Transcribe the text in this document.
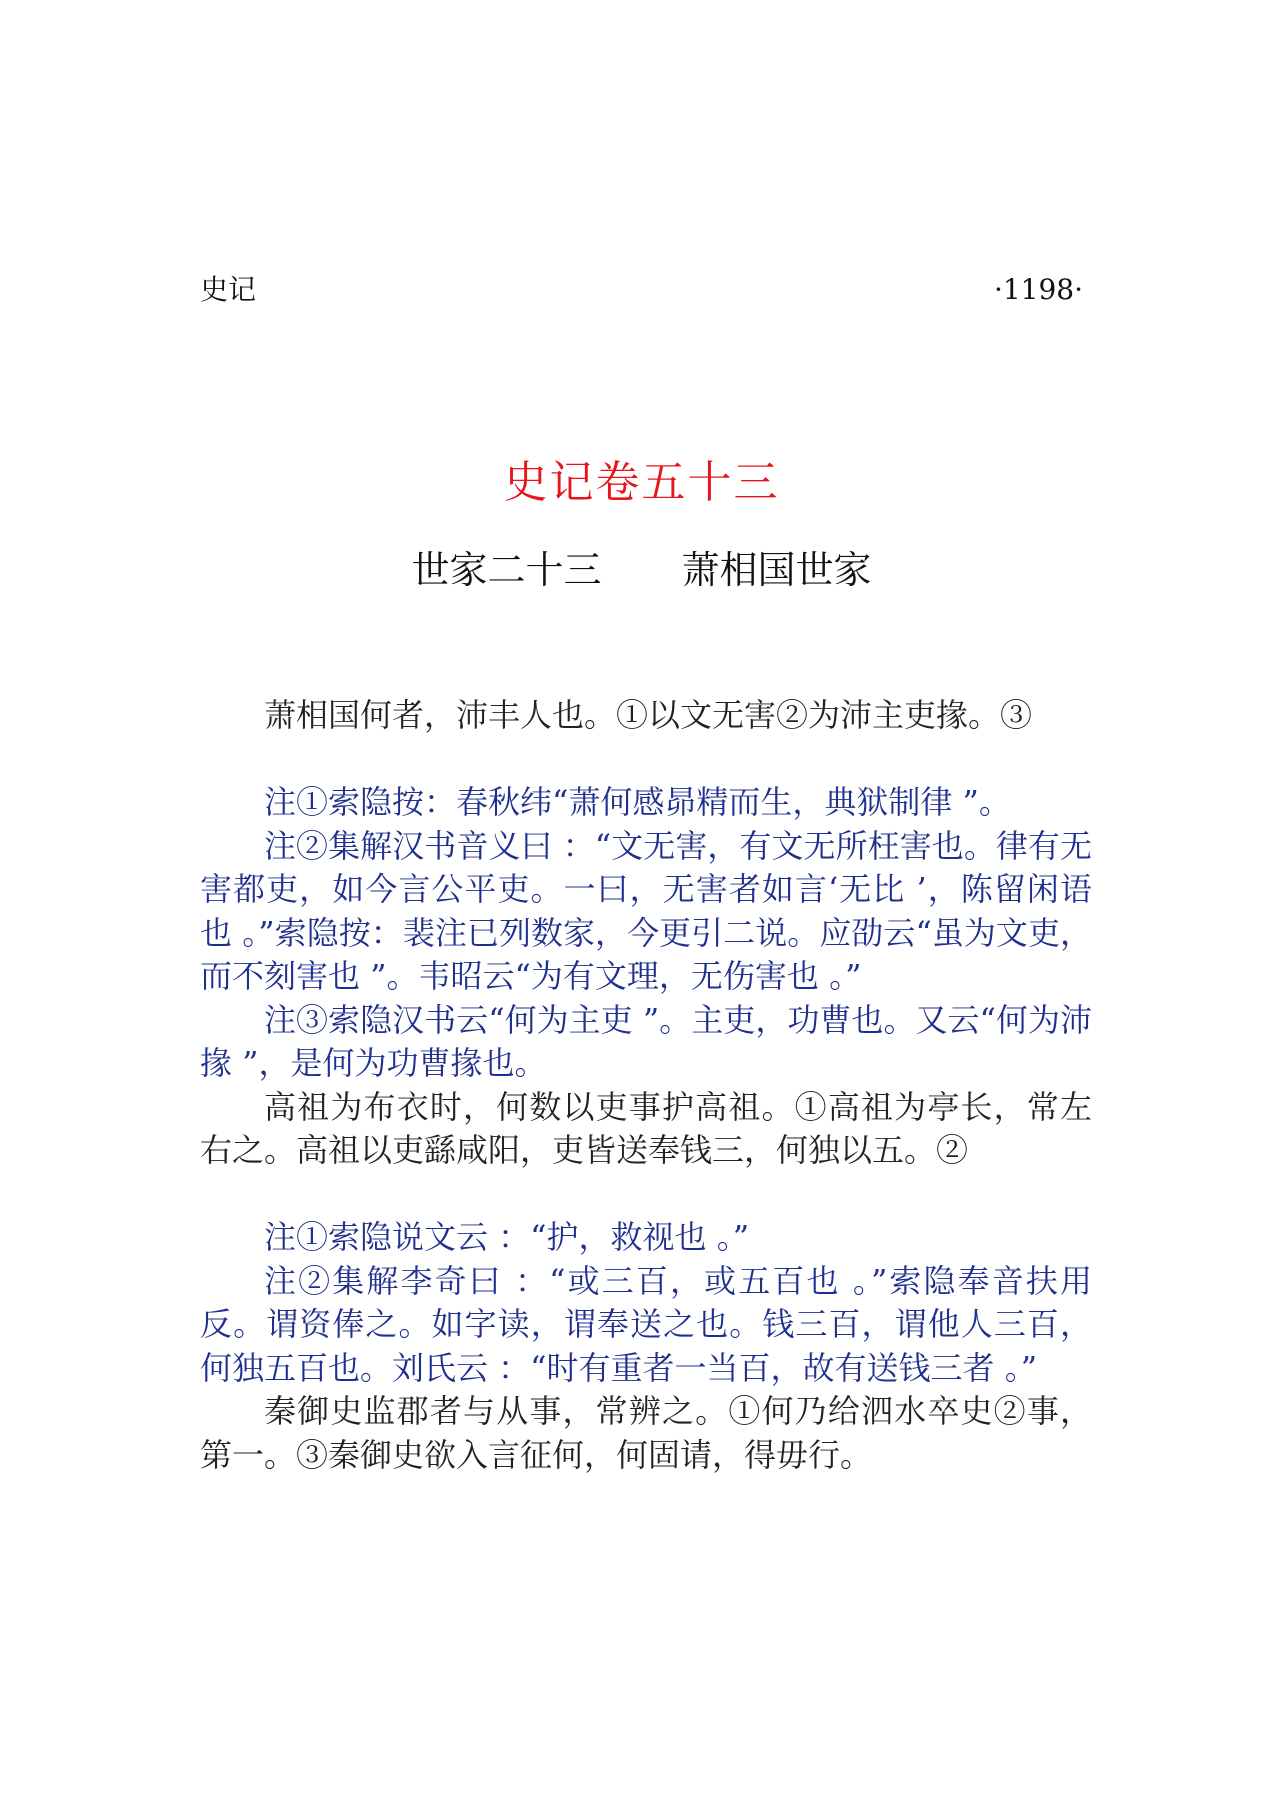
史记	·1198·
史记卷五十三
世家二十三 萧相国世家

萧相国何者，沛丰人也。①以文无害②为沛主吏掾。③

注①索隐按：春秋纬“萧何感昴精而生，典狱制律 ”。

注②集解汉书音义曰 ：“文无害，有文无所枉害也。律有无害都吏，如今言公平吏。一曰，无害者如言‘无比 ’，陈留闲语也 。”索隐按：裴注已列数家，今更引二说。应劭云“虽为文吏，而不刻害也 ”。韦昭云“为有文理，无伤害也 。”

注③索隐汉书云“何为主吏 ”。主吏，功曹也。又云“何为沛掾 ”，是何为功曹掾也。

高祖为布衣时，何数以吏事护高祖。①高祖为亭长，常左右之。高祖以吏繇咸阳，吏皆送奉钱三，何独以五。②

注①索隐说文云 ：“护，救视也 。”

注②集解李奇曰 ：“或三百，或五百也 。”索隐奉音扶用反。谓资俸之。如字读，谓奉送之也。钱三百，谓他人三百，何独五百也。刘氏云 ：“时有重者一当百，故有送钱三者 。”

秦御史监郡者与从事，常辨之。①何乃给泗水卒史②事，第一。③秦御史欲入言征何，何固请，得毋行。
